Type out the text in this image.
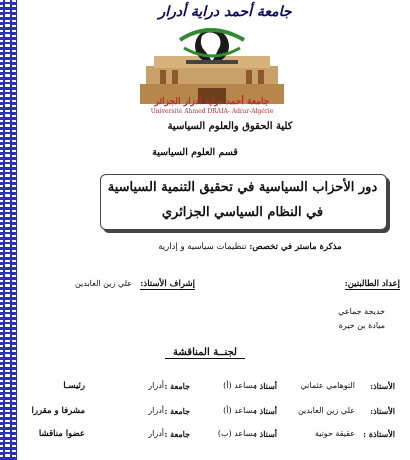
جامعة أحمد دراية أدرار
جامعة أحمد دراية أدرار الجزائر
Université Ahmed DRAIA- Adrar-Algérie
كلية الحقوق والعلوم السياسية
قسم العلوم السياسية
دور الأحزاب السياسية في تحقيق التنمية السياسية
في النظام السياسي الجزائري
مذكرة ماستر في تخصص: تنظيمات سياسية و إدارية
إعداد الطالبتين:
إشراف الأستاذ:
علي زين العابدين
خديجة جماعي
ميادة بن خيرة
لجنــة المناقشة
الأستاذ:
التوهامي عثماني
أستاذ :
مساعد (أ)
جامعة :
أدرار
رئيسـا
الأستاذ:
علي زين العابدين
أستاذ :
مساعد (أ)
جامعة :
أدرار
مشرفا و مقررا
الأستاذة :
عقيقة حوتية
أستاذ :
مساعد (ب)
جامعة :
أدرار
عضوا مناقشا
